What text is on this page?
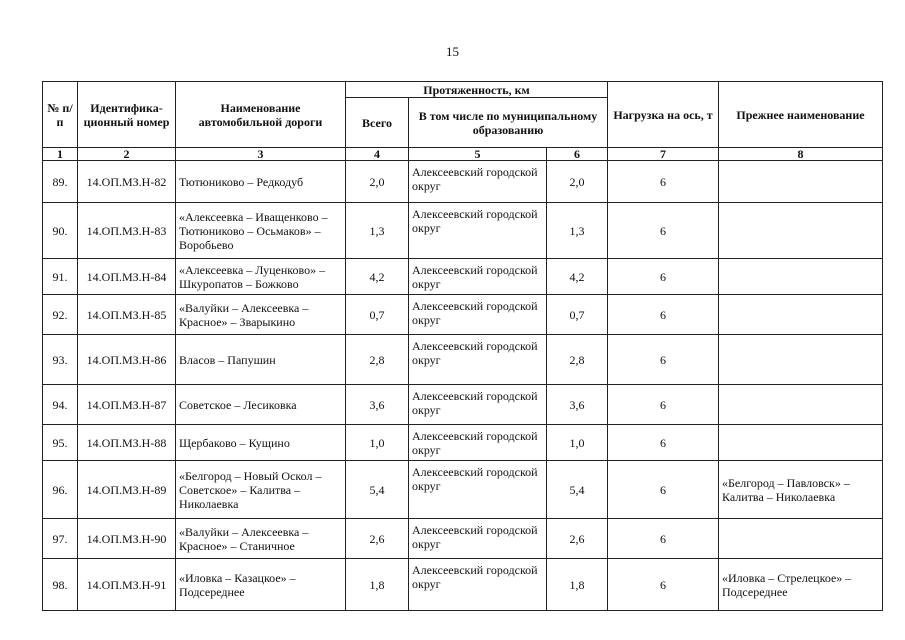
15
№ п/п	Идентифика-ционный номер	Наименование автомобильной дороги	Протяженность, км			Нагрузка на ось, т	Прежнее наименование
			Всего	В том числе по муниципальному образованию			
1	2	3	4	5	6	7	8
89.	14.ОП.МЗ.Н-82	Тютюниково – Редкодуб	2,0	Алексеевский городской округ	2,0	6	
90.	14.ОП.МЗ.Н-83	«Алексеевка – Иващенково – Тютюниково – Осьмаков» – Воробьево	1,3	Алексеевский городской округ	1,3	6	
91.	14.ОП.МЗ.Н-84	«Алексеевка – Луценково» – Шкуропатов – Божково	4,2	Алексеевский городской округ	4,2	6	
92.	14.ОП.МЗ.Н-85	«Валуйки – Алексеевка – Красное» – Зварыкино	0,7	Алексеевский городской округ	0,7	6	
93.	14.ОП.МЗ.Н-86	Власов – Папушин	2,8	Алексеевский городской округ	2,8	6	
94.	14.ОП.МЗ.Н-87	Советское – Лесиковка	3,6	Алексеевский городской округ	3,6	6	
95.	14.ОП.МЗ.Н-88	Щербаково – Кущино	1,0	Алексеевский городской округ	1,0	6	
96.	14.ОП.МЗ.Н-89	«Белгород – Новый Оскол – Советское» – Калитва – Николаевка	5,4	Алексеевский городской округ	5,4	6	«Белгород – Павловск» – Калитва – Николаевка
97.	14.ОП.МЗ.Н-90	«Валуйки – Алексеевка – Красное» – Станичное	2,6	Алексеевский городской округ	2,6	6	
98.	14.ОП.МЗ.Н-91	«Иловка – Казацкое» – Подсереднее	1,8	Алексеевский городской округ	1,8	6	«Иловка – Стрелецкое» – Подсереднее
